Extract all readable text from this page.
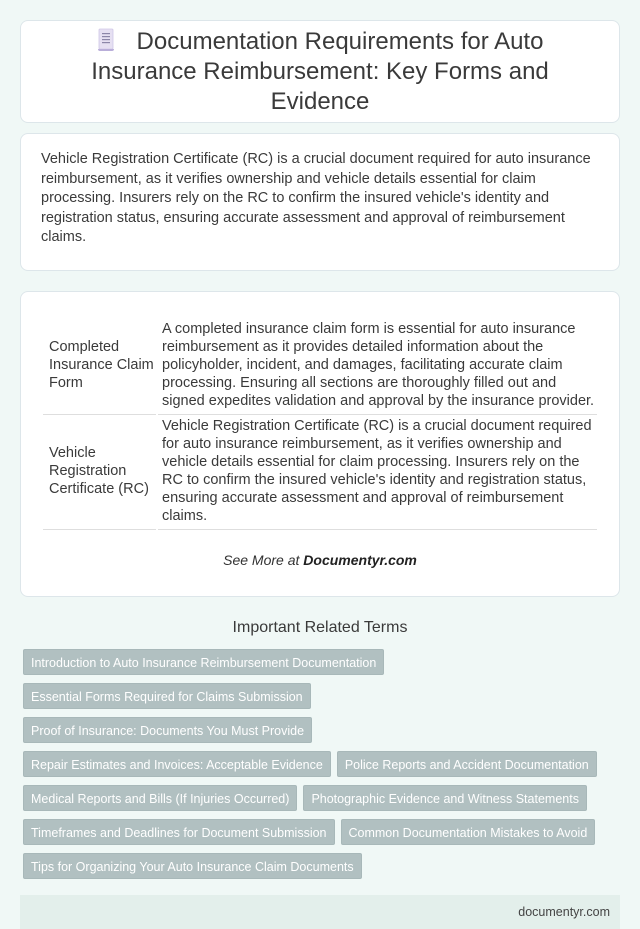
Documentation Requirements for Auto Insurance Reimbursement: Key Forms and Evidence

Vehicle Registration Certificate (RC) is a crucial document required for auto insurance reimbursement, as it verifies ownership and vehicle details essential for claim processing. Insurers rely on the RC to confirm the insured vehicle's identity and registration status, ensuring accurate assessment and approval of reimbursement claims.

Completed Insurance Claim Form	A completed insurance claim form is essential for auto insurance reimbursement as it provides detailed information about the policyholder, incident, and damages, facilitating accurate claim processing. Ensuring all sections are thoroughly filled out and signed expedites validation and approval by the insurance provider.
Vehicle Registration Certificate (RC)	Vehicle Registration Certificate (RC) is a crucial document required for auto insurance reimbursement, as it verifies ownership and vehicle details essential for claim processing. Insurers rely on the RC to confirm the insured vehicle's identity and registration status, ensuring accurate assessment and approval of reimbursement claims.
See More at Documentyr.com
Important Related Terms
Introduction to Auto Insurance Reimbursement Documentation
Essential Forms Required for Claims Submission
Proof of Insurance: Documents You Must Provide
Repair Estimates and Invoices: Acceptable Evidence	Police Reports and Accident Documentation
Medical Reports and Bills (If Injuries Occurred)	Photographic Evidence and Witness Statements
Timeframes and Deadlines for Document Submission	Common Documentation Mistakes to Avoid
Tips for Organizing Your Auto Insurance Claim Documents
documentyr.com
